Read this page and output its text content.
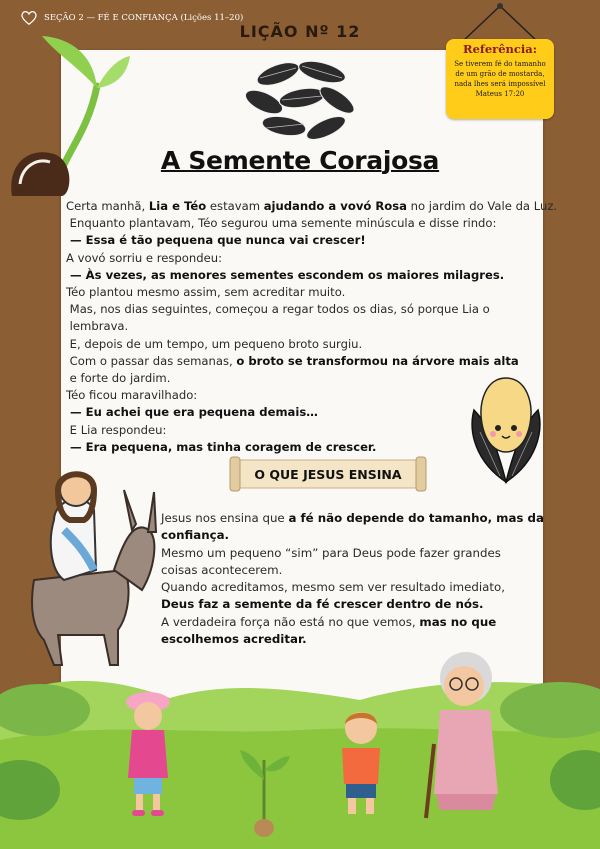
SEÇÃO 2 — FÉ E CONFIANÇA (Lições 11–20)
LIÇÃO Nº 12
Referência:
Se tiverem fé do tamanho
de um grão de mostarda,
nada lhes será impossível
Mateus 17:20
A Semente Corajosa

Certa manhã, Lia e Téo estavam ajudando a vovó Rosa no jardim do Vale da Luz.

Enquanto plantavam, Téo segurou uma semente minúscula e disse rindo:

— Essa é tão pequena que nunca vai crescer!

A vovó sorriu e respondeu:

— Às vezes, as menores sementes escondem os maiores milagres.

Téo plantou mesmo assim, sem acreditar muito.

Mas, nos dias seguintes, começou a regar todos os dias, só porque Lia o

lembrava.

E, depois de um tempo, um pequeno broto surgiu.

Com o passar das semanas, o broto se transformou na árvore mais alta

e forte do jardim.

Téo ficou maravilhado:

— Eu achei que era pequena demais…

E Lia respondeu:

— Era pequena, mas tinha coragem de crescer.

O QUE JESUS ENSINA

Jesus nos ensina que a fé não depende do tamanho, mas da

confiança.

Mesmo um pequeno “sim” para Deus pode fazer grandes

coisas acontecerem.

Quando acreditamos, mesmo sem ver resultado imediato,

Deus faz a semente da fé crescer dentro de nós.

A verdadeira força não está no que vemos, mas no que

escolhemos acreditar.
